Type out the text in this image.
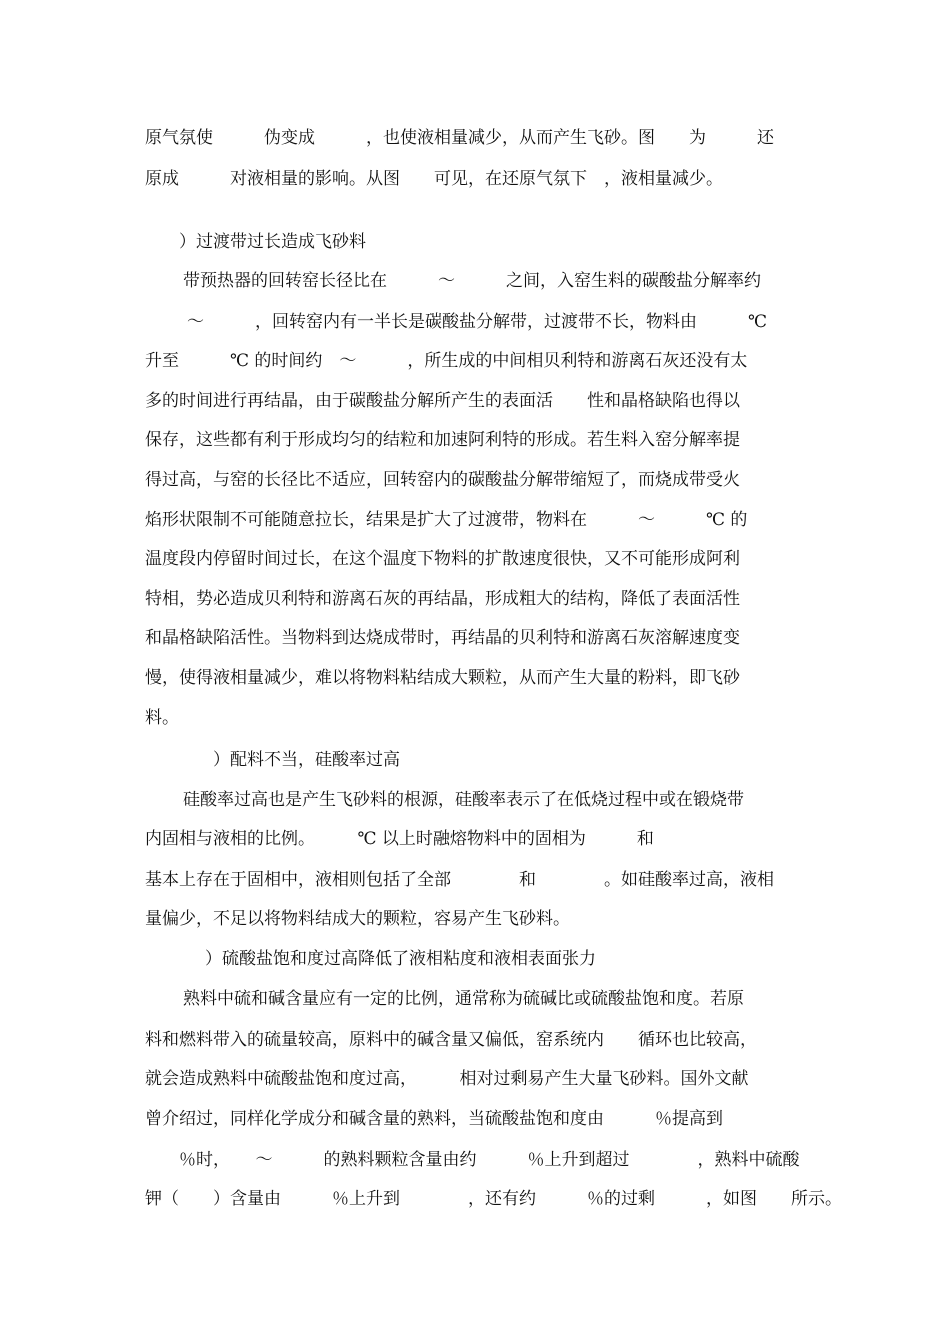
原气氛使　　　伪变成　　　，也使液相量减少，从而产生飞砂。图　　为　　　还
原成　　　对液相量的影响。从图　　可见，在还原气氛下　，液相量减少。
　）过渡带过长造成飞砂料
带预热器的回转窑长径比在　　　～　　　之间，入窑生料的碳酸盐分解率约
　～　　　，回转窑内有一半长是碳酸盐分解带，过渡带不长，物料由　　　℃
升至　　　℃ 的时间约　～　　　，所生成的中间相贝利特和游离石灰还没有太
多的时间进行再结晶，由于碳酸盐分解所产生的表面活　　性和晶格缺陷也得以
保存，这些都有利于形成均匀的结粒和加速阿利特的形成。若生料入窑分解率提
得过高，与窑的长径比不适应，回转窑内的碳酸盐分解带缩短了，而烧成带受火
焰形状限制不可能随意拉长，结果是扩大了过渡带，物料在　　　～　　　℃ 的
温度段内停留时间过长，在这个温度下物料的扩散速度很快，又不可能形成阿利
特相，势必造成贝利特和游离石灰的再结晶，形成粗大的结构，降低了表面活性
和晶格缺陷活性。当物料到达烧成带时，再结晶的贝利特和游离石灰溶解速度变
慢，使得液相量减少，难以将物料粘结成大颗粒，从而产生大量的粉料，即飞砂
料。
　）配料不当，硅酸率过高
硅酸率过高也是产生飞砂料的根源，硅酸率表示了在低烧过程中或在锻烧带
内固相与液相的比例。　　　℃ 以上时融熔物料中的固相为　　　和
基本上存在于固相中，液相则包括了全部　　　　和　　　　。如硅酸率过高，液相
量偏少，不足以将物料结成大的颗粒，容易产生飞砂料。
　）硫酸盐饱和度过高降低了液相粘度和液相表面张力
熟料中硫和碱含量应有一定的比例，通常称为硫碱比或硫酸盐饱和度。若原
料和燃料带入的硫量较高，原料中的碱含量又偏低，窑系统内　　循环也比较高，
就会造成熟料中硫酸盐饱和度过高，　　　相对过剩易产生大量飞砂料。国外文献
曾介绍过，同样化学成分和碱含量的熟料，当硫酸盐饱和度由　　　％提高到
　％时，　　～　　　的熟料颗粒含量由约　　　％上升到超过　　　　，熟料中硫酸
钾（　　）含量由　　　％上升到　　　　，还有约　　　％的过剩　　　，如图　　所示。
